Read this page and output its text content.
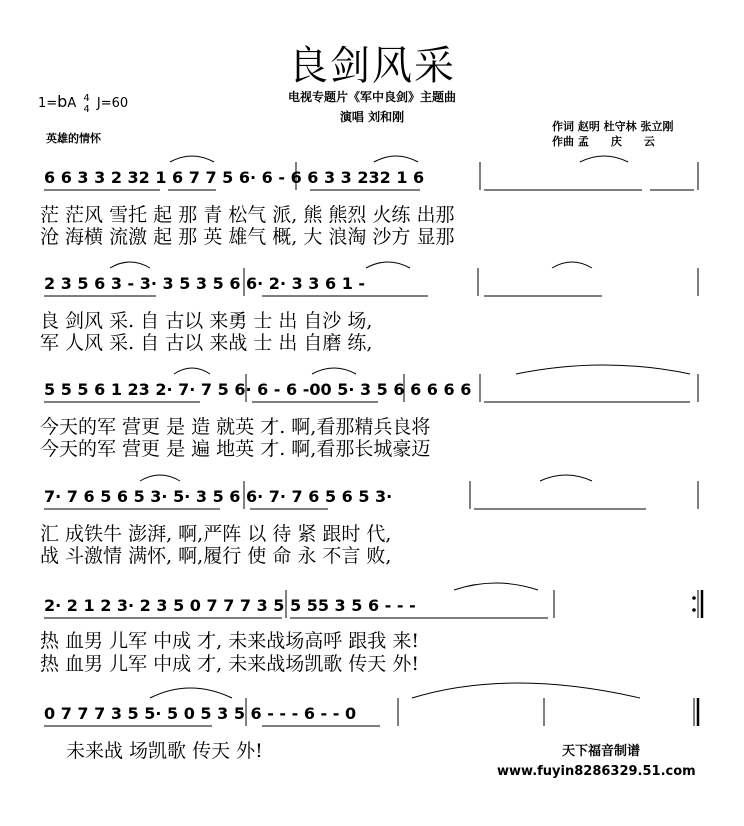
良剑风采
电视专题片《军中良剑》主题曲
演唱 刘和刚
1=bA 4
4 J=60
英雄的情怀
作词 赵明 杜守林 张立刚
作曲 孟　　庆　　云
6 6 3 3 2 32 1 6 7 7 5 6· 6 - 6 6 3 3 232 1 6
茫 茫风 雪托 起 那 青 松气 派, 熊 熊烈 火练 出那
沧 海横 流激 起 那 英 雄气 概, 大 浪淘 沙方 显那
2 3 5 6 3 - 3· 3 5 3 5 6 6· 2· 3 3 6 1 -
良 剑风 采. 自 古以 来勇 士 出 自沙 场,
军 人风 采. 自 古以 来战 士 出 自磨 练,
5 5 5 6 1 23 2· 7· 7 5 6· 6 - 6 -00 5· 3 5 6 6 6 6 6
今天的军 营更 是 造 就英 才. 啊,看那精兵良将
今天的军 营更 是 遍 地英 才. 啊,看那长城豪迈
7· 7 6 5 6 5 3· 5· 3 5 6 6· 7· 7 6 5 6 5 3·
汇 成铁牛 澎湃, 啊,严阵 以 待 紧 跟时 代,
战 斗激情 满怀, 啊,履行 使 命 永 不言 败,
2· 2 1 2 3· 2 3 5 0 7 7 7 3 5 5 55 3 5 6 - - -
热 血男 儿军 中成 才, 未来战场高呼 跟我 来!
热 血男 儿军 中成 才, 未来战场凯歌 传天 外!
0 7 7 7 3 5 5· 5 0 5 3 5 6 - - - 6 - - 0
未来战 场凯歌 传天 外!	天下福音制谱
www.fuyin8286329.51.com
